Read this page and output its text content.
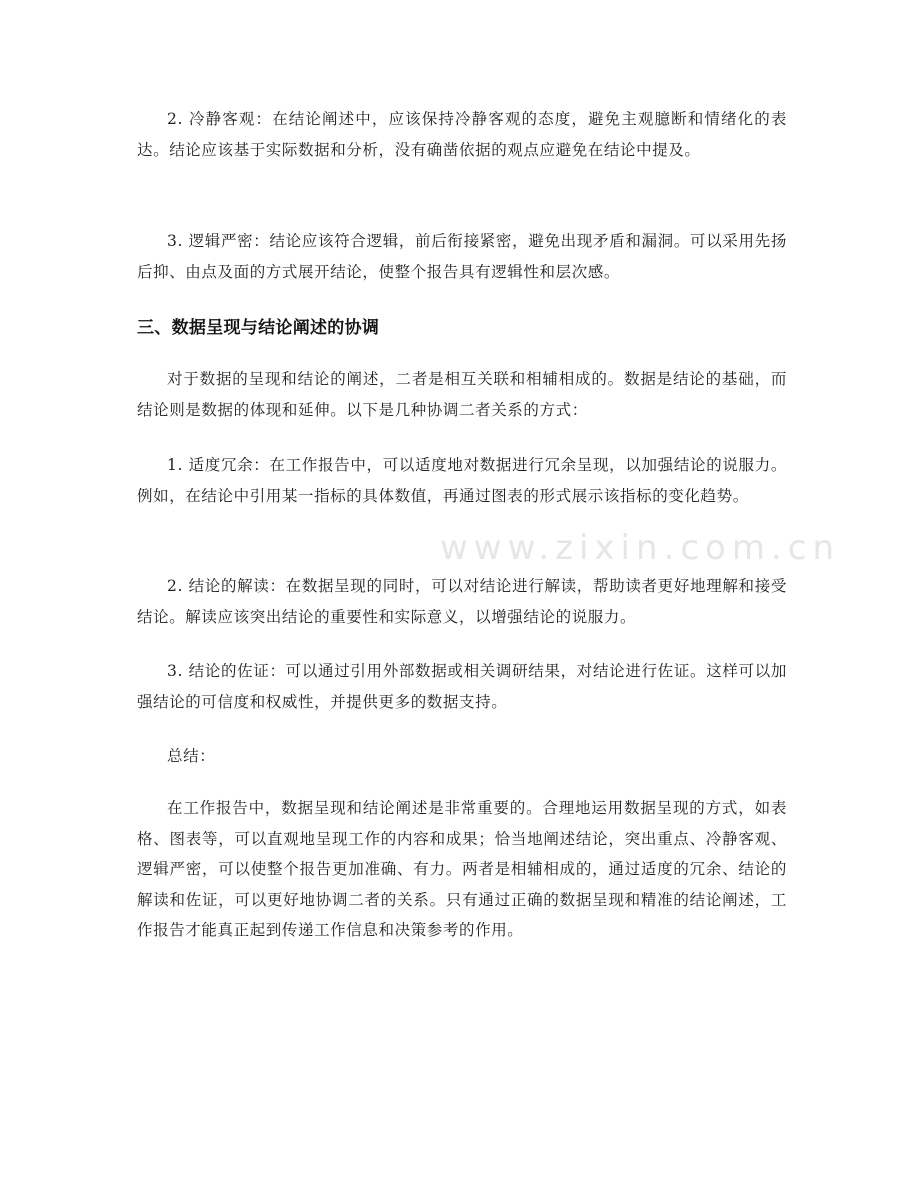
2. 冷静客观：在结论阐述中，应该保持冷静客观的态度，避免主观臆断和情绪化的表达。结论应该基于实际数据和分析，没有确凿依据的观点应避免在结论中提及。

3. 逻辑严密：结论应该符合逻辑，前后衔接紧密，避免出现矛盾和漏洞。可以采用先扬后抑、由点及面的方式展开结论，使整个报告具有逻辑性和层次感。

三、数据呈现与结论阐述的协调

对于数据的呈现和结论的阐述，二者是相互关联和相辅相成的。数据是结论的基础，而结论则是数据的体现和延伸。以下是几种协调二者关系的方式：

1. 适度冗余：在工作报告中，可以适度地对数据进行冗余呈现，以加强结论的说服力。例如，在结论中引用某一指标的具体数值，再通过图表的形式展示该指标的变化趋势。

2. 结论的解读：在数据呈现的同时，可以对结论进行解读，帮助读者更好地理解和接受结论。解读应该突出结论的重要性和实际意义，以增强结论的说服力。

3. 结论的佐证：可以通过引用外部数据或相关调研结果，对结论进行佐证。这样可以加强结论的可信度和权威性，并提供更多的数据支持。

总结：

在工作报告中，数据呈现和结论阐述是非常重要的。合理地运用数据呈现的方式，如表格、图表等，可以直观地呈现工作的内容和成果；恰当地阐述结论，突出重点、冷静客观、逻辑严密，可以使整个报告更加准确、有力。两者是相辅相成的，通过适度的冗余、结论的解读和佐证，可以更好地协调二者的关系。只有通过正确的数据呈现和精准的结论阐述，工作报告才能真正起到传递工作信息和决策参考的作用。

www.zixin.com.cn
